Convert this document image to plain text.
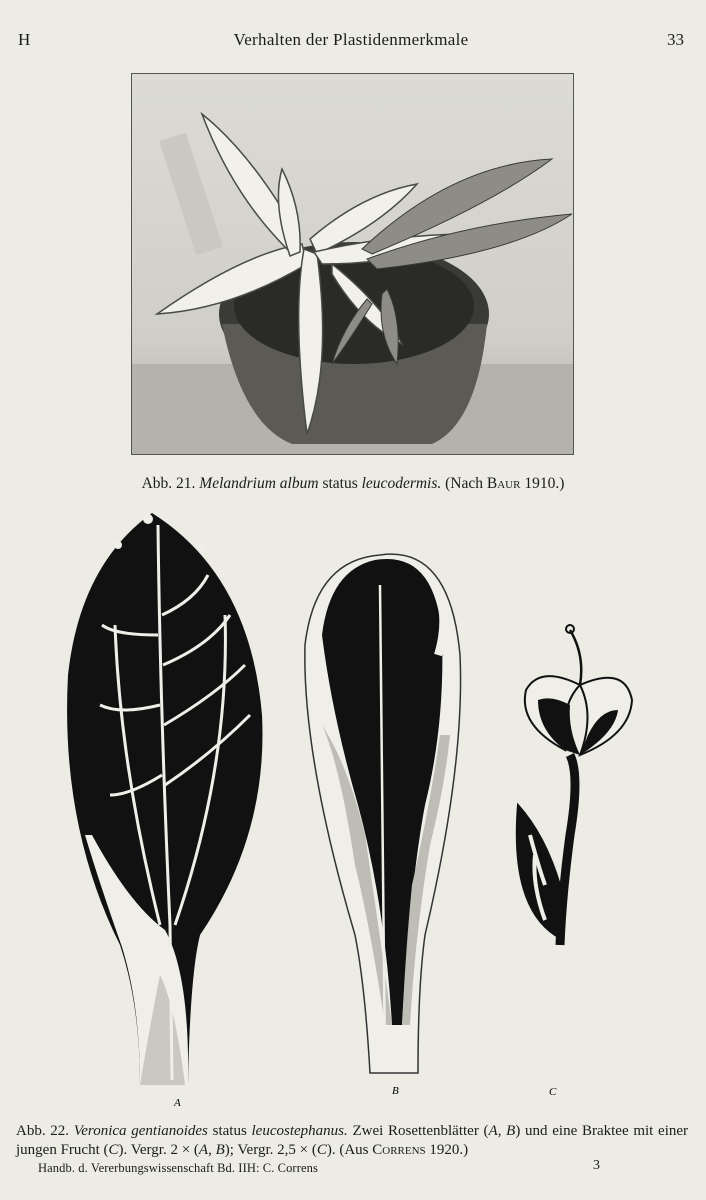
H	Verhalten der Plastidenmerkmale	33
Abb. 21. Melandrium album status leucodermis. (Nach Baur 1910.)
A
B	C
Abb. 22. Veronica gentianoides status leucostephanus. Zwei Rosettenblätter (A, B) und eine Braktee mit einer jungen Frucht (C). Vergr. 2 × (A, B); Vergr. 2,5 × (C). (Aus Correns 1920.)
Handb. d. Vererbungswissenschaft Bd. IIH: C. Correns	3
